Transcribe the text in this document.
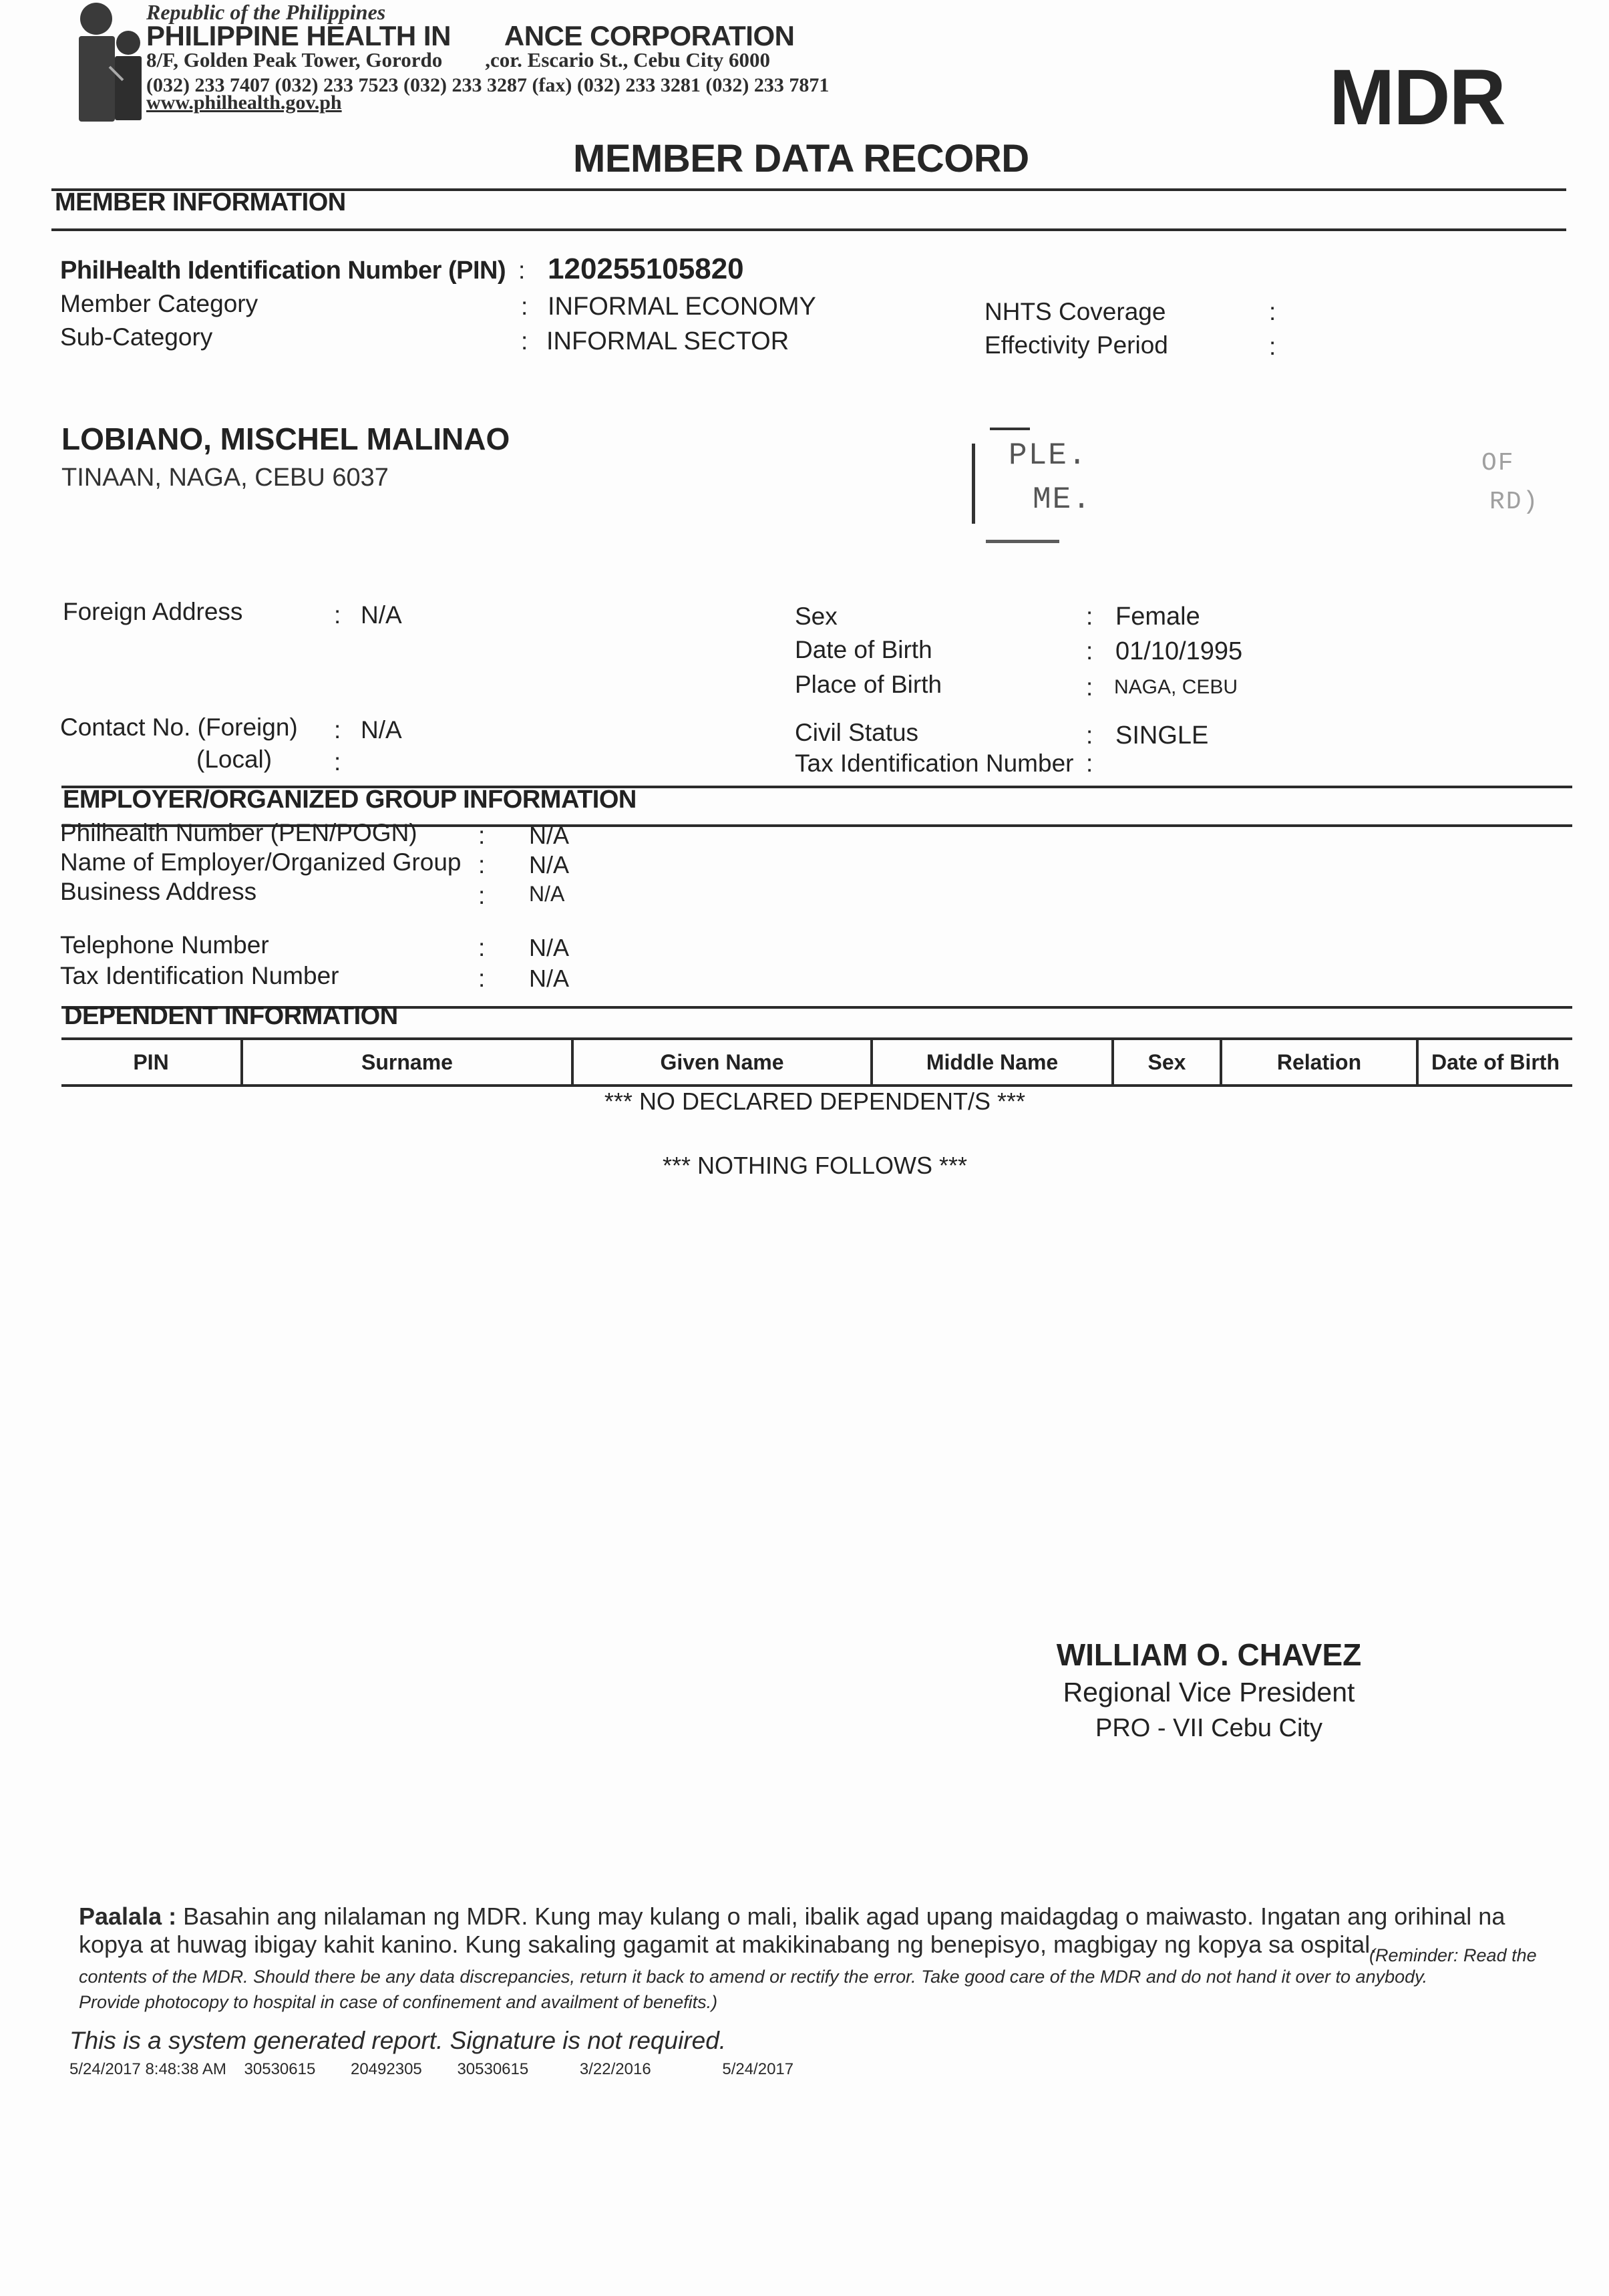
Republic of the Philippines
PHILIPPINE HEALTH IN ANCE CORPORATION
8/F, Golden Peak Tower, Gorordo ,cor. Escario St., Cebu City 6000
(032) 233 7407 (032) 233 7523 (032) 233 3287 (fax) (032) 233 3281 (032) 233 7871
www.philhealth.gov.ph	MDR
MEMBER DATA RECORD
MEMBER INFORMATION
PhilHealth Identification Number (PIN) : 120255105820
Member Category	: INFORMAL ECONOMY
Sub-Category	: INFORMAL SECTOR
NHTS Coverage	:
Effectivity Period	:
LOBIANO, MISCHEL MALINAO
TINAAN, NAGA, CEBU 6037
PLE.	OF
ME.	RD)
Foreign Address	: N/A
Contact No. (Foreign) : N/A
(Local)	:
Sex	: Female
Date of Birth	: 01/10/1995
Place of Birth	: NAGA, CEBU
Civil Status	: SINGLE
Tax Identification Number :
EMPLOYER/ORGANIZED GROUP INFORMATION
Philhealth Number (PEN/POGN) : N/A
Name of Employer/Organized Group : N/A
Business Address	: N/A
Telephone Number	: N/A
Tax Identification Number	: N/A
DEPENDENT INFORMATION
PIN	Surname	Given Name	Middle Name	Sex	Relation	Date of Birth
*** NO DECLARED DEPENDENT/S ***
*** NOTHING FOLLOWS ***
WILLIAM O. CHAVEZ
Regional Vice President
PRO - VII Cebu City
Paalala : Basahin ang nilalaman ng MDR. Kung may kulang o mali, ibalik agad upang maidagdag o maiwasto. Ingatan ang orihinal na
kopya at huwag ibigay kahit kanino. Kung sakaling gagamit at makikinabang ng benepisyo, magbigay ng kopya sa ospital.
(Reminder: Read the
contents of the MDR. Should there be any data discrepancies, return it back to amend or rectify the error. Take good care of the MDR and do not hand it over to anybody.
Provide photocopy to hospital in case of confinement and availment of benefits.)
This is a system generated report. Signature is not required.
5/24/2017 8:48:38 AM 30530615 20492305 30530615	3/22/2016	5/24/2017
